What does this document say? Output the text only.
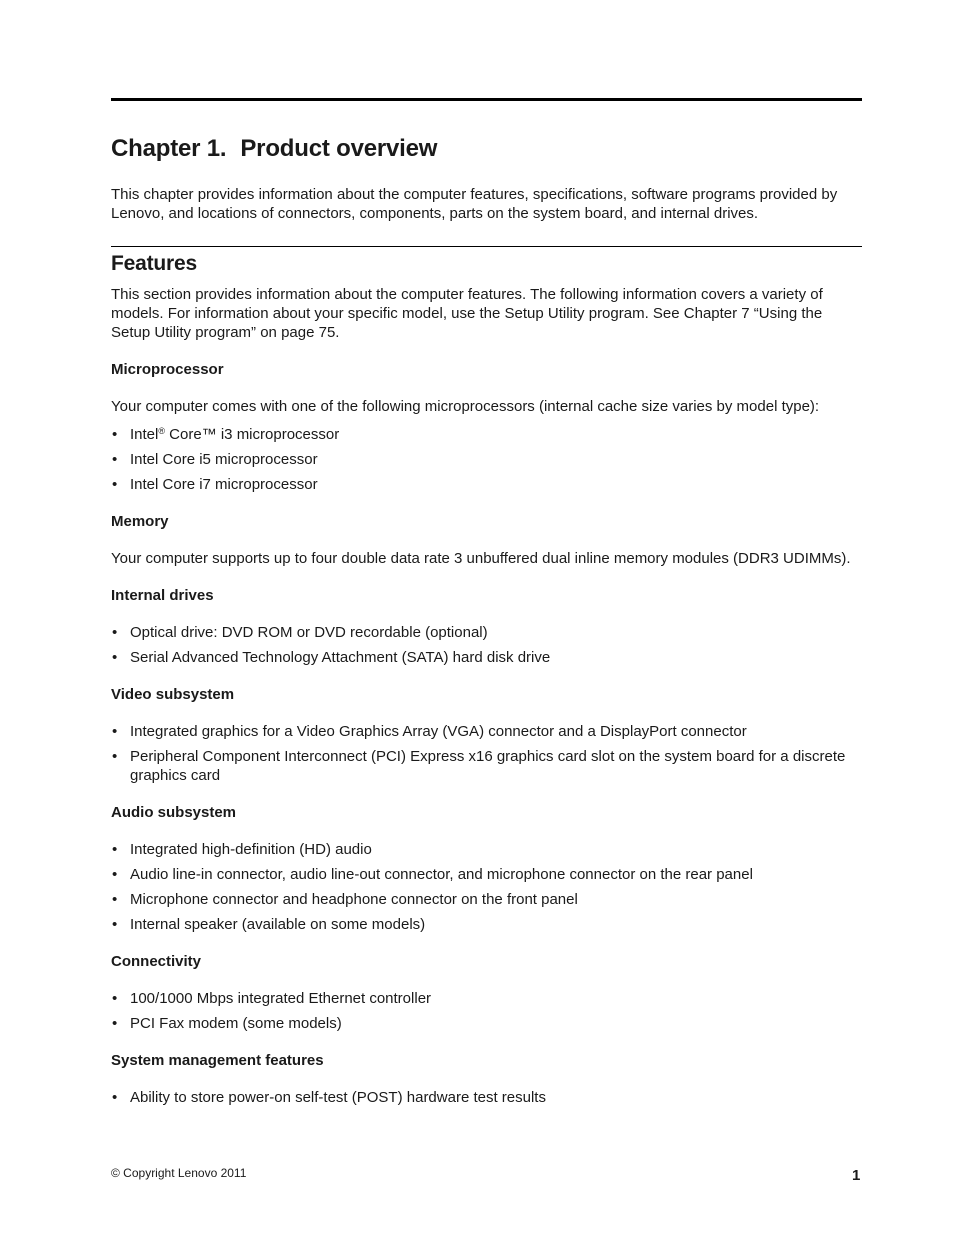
Chapter 1. Product overview

This chapter provides information about the computer features, specifications, software programs provided by Lenovo, and locations of connectors, components, parts on the system board, and internal drives.

Features

This section provides information about the computer features. The following information covers a variety of models. For information about your specific model, use the Setup Utility program. See Chapter 7 “Using the Setup Utility program” on page 75.

Microprocessor

Your computer comes with one of the following microprocessors (internal cache size varies by model type):

• Intel® Core™ i3 microprocessor
• Intel Core i5 microprocessor
• Intel Core i7 microprocessor
Memory

Your computer supports up to four double data rate 3 unbuffered dual inline memory modules (DDR3 UDIMMs).

Internal drives
• Optical drive: DVD ROM or DVD recordable (optional)
• Serial Advanced Technology Attachment (SATA) hard disk drive
Video subsystem
• Integrated graphics for a Video Graphics Array (VGA) connector and a DisplayPort connector
• Peripheral Component Interconnect (PCI) Express x16 graphics card slot on the system board for a discrete graphics card
Audio subsystem
• Integrated high-definition (HD) audio
• Audio line-in connector, audio line-out connector, and microphone connector on the rear panel
• Microphone connector and headphone connector on the front panel
• Internal speaker (available on some models)
Connectivity
• 100/1000 Mbps integrated Ethernet controller
• PCI Fax modem (some models)
System management features
• Ability to store power-on self-test (POST) hardware test results
© Copyright Lenovo 2011	1
